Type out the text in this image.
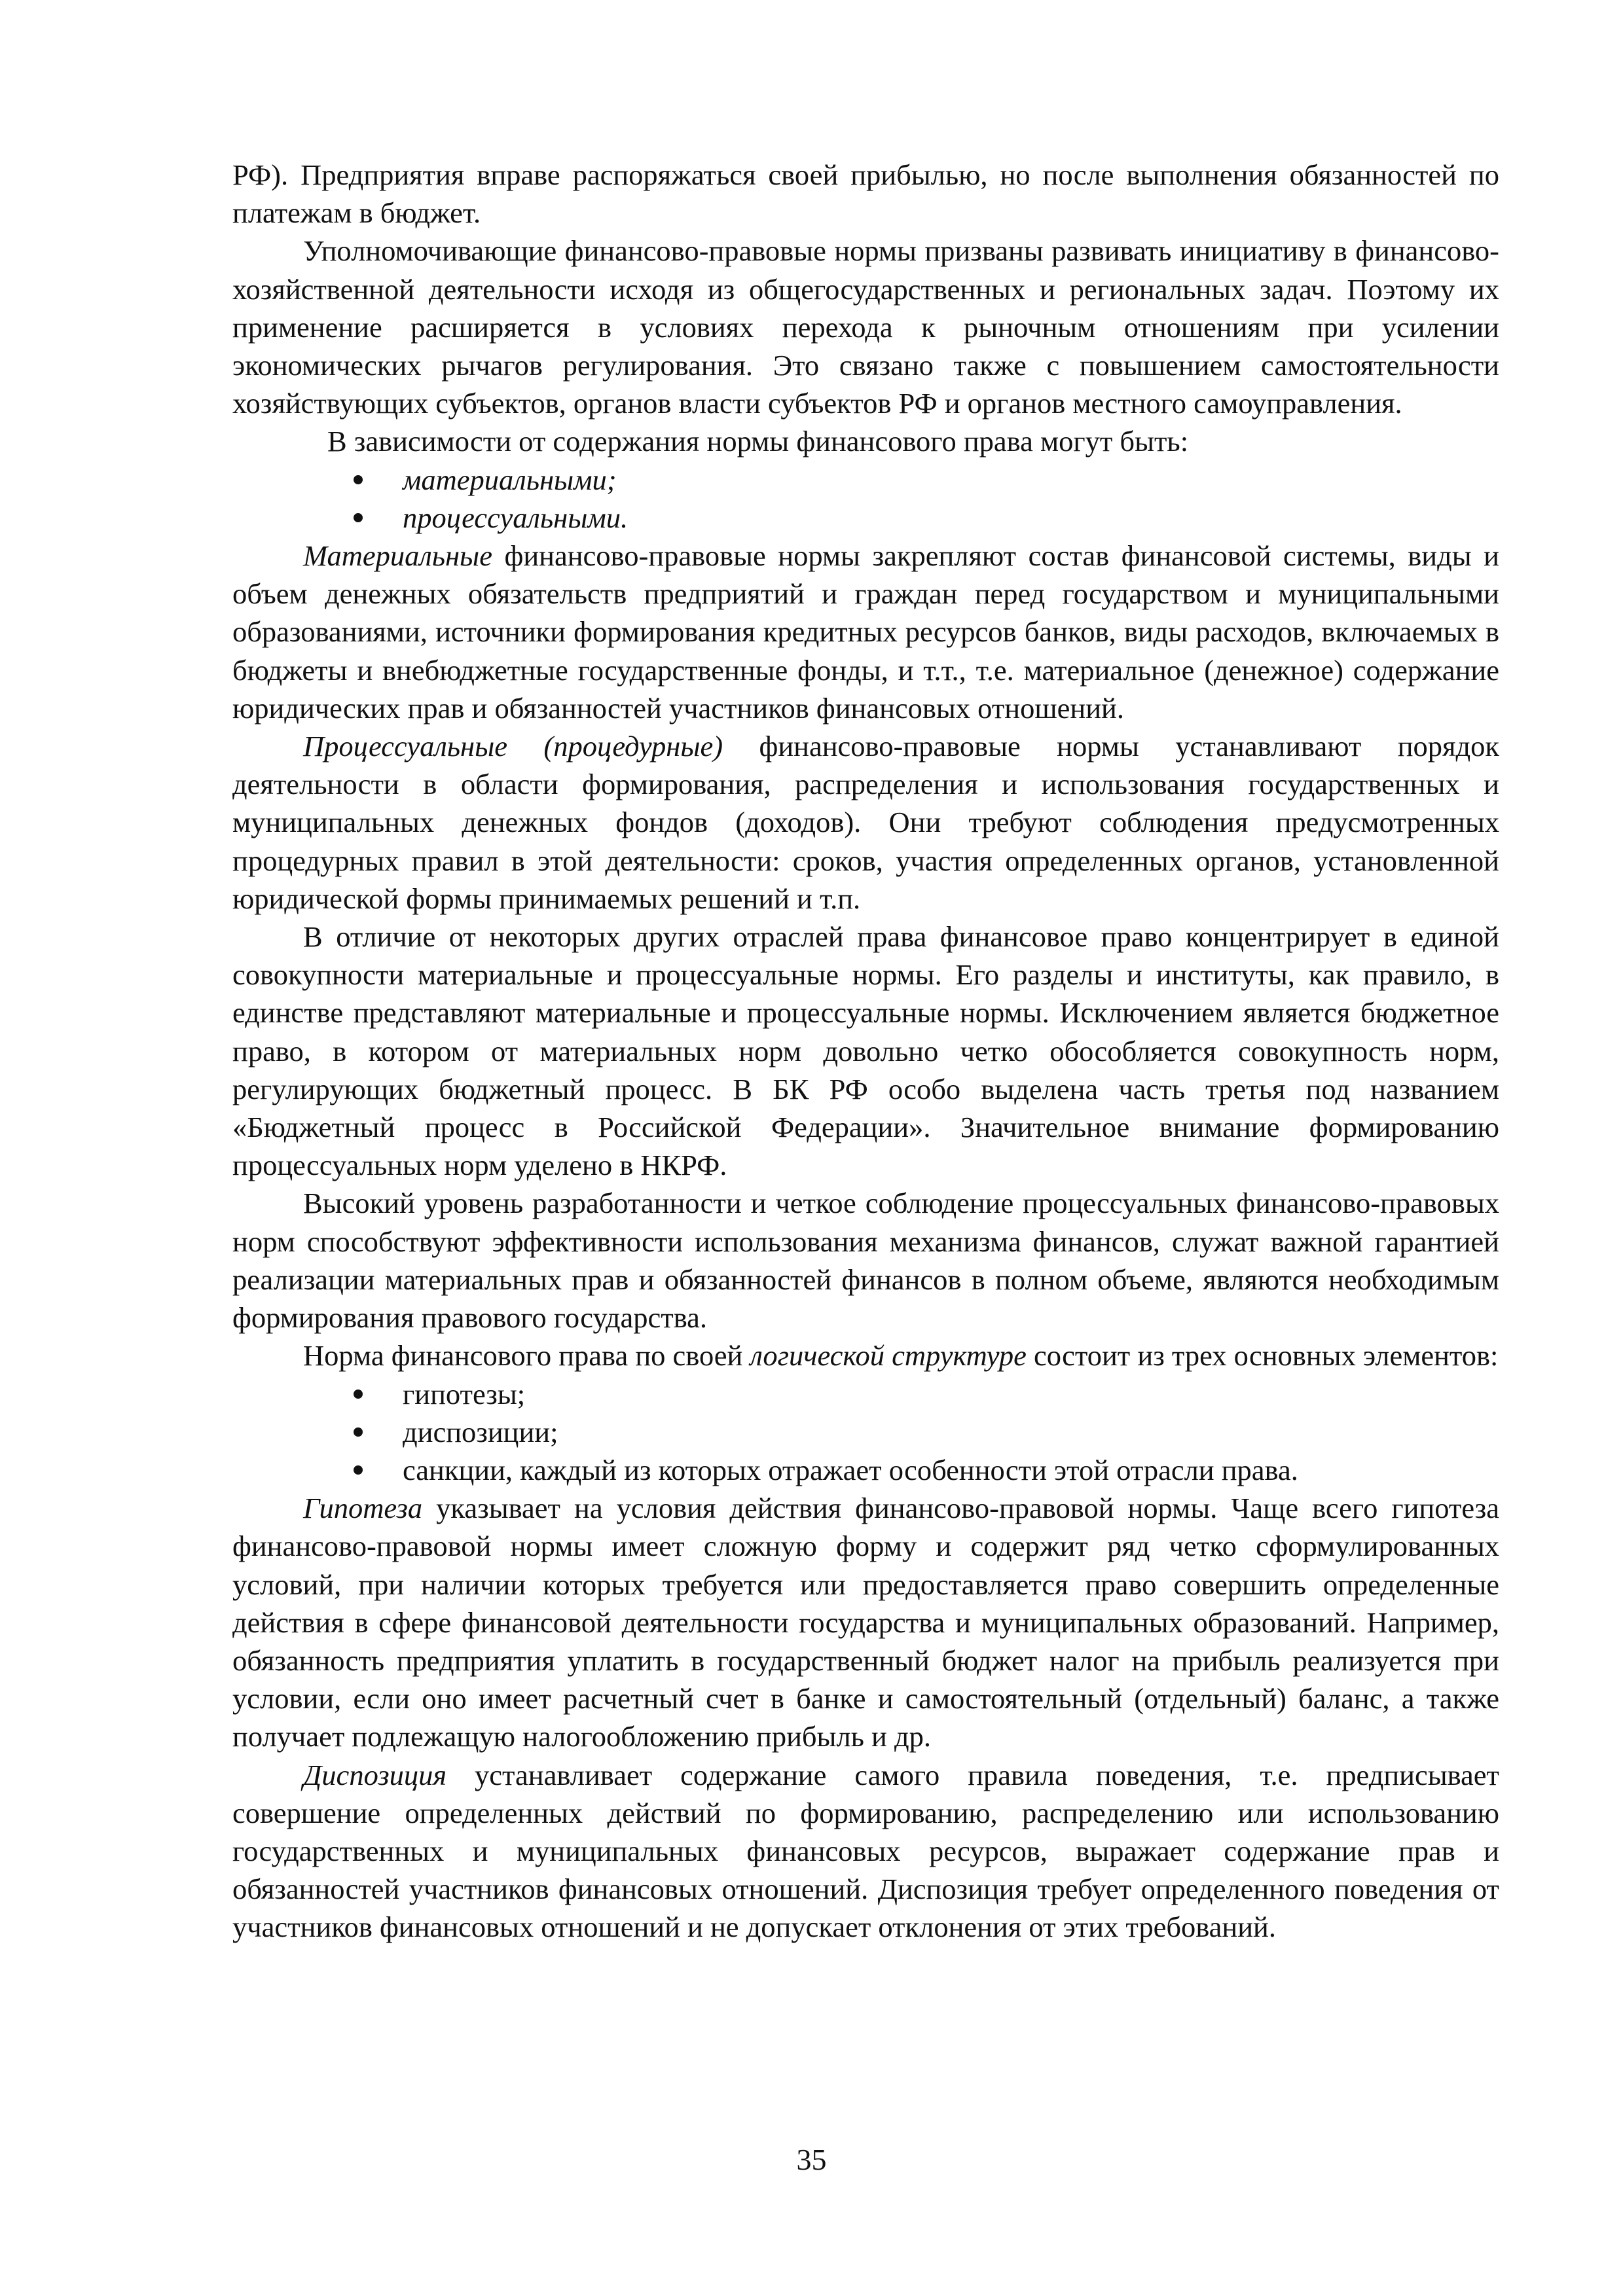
РФ). Предприятия вправе распоряжаться своей прибылью, но после выполнения обязанностей по платежам в бюджет.

Уполномочивающие финансово-правовые нормы призваны развивать инициативу в финансово-хозяйственной деятельности исходя из общегосударственных и региональных задач. Поэтому их применение расширяется в условиях перехода к рыночным отношениям при усилении экономических рычагов регулирования. Это связано также с повышением самостоятельности хозяйствующих субъектов, органов власти субъектов РФ и органов местного самоуправления.

В зависимости от содержания нормы финансового права могут быть:

материальными;
процессуальными.

Материальные финансово-правовые нормы закрепляют состав финансовой системы, виды и объем денежных обязательств предприятий и граждан перед государством и муниципальными образованиями, источники формирования кредитных ресурсов банков, виды расходов, включаемых в бюджеты и внебюджетные государственные фонды, и т.т., т.е. материальное (денежное) содержание юридических прав и обязанностей участников финансовых отношений.

Процессуальные (процедурные) финансово-правовые нормы устанавливают порядок деятельности в области формирования, распределения и использования государственных и муниципальных денежных фондов (доходов). Они требуют соблюдения предусмотренных процедурных правил в этой деятельности: сроков, участия определенных органов, установленной юридической формы принимаемых решений и т.п.

В отличие от некоторых других отраслей права финансовое право концентрирует в единой совокупности материальные и процессуальные нормы. Его разделы и институты, как правило, в единстве представляют материальные и процессуальные нормы. Исключением является бюджетное право, в котором от материальных норм довольно четко обособляется совокупность норм, регулирующих бюджетный процесс. В БК РФ особо выделена часть третья под названием «Бюджетный процесс в Российской Федерации». Значительное внимание формированию процессуальных норм уделено в НКРФ.

Высокий уровень разработанности и четкое соблюдение процессуальных финансово-правовых норм способствуют эффективности использования механизма финансов, служат важной гарантией реализации материальных прав и обязанностей финансов в полном объеме, являются необходимым формирования правового государства.

Норма финансового права по своей логической структуре состоит из трех основных элементов:

гипотезы;
диспозиции;
санкции, каждый из которых отражает особенности этой отрасли права.

Гипотеза указывает на условия действия финансово-правовой нормы. Чаще всего гипотеза финансово-правовой нормы имеет сложную форму и содержит ряд четко сформулированных условий, при наличии которых требуется или предоставляется право совершить определенные действия в сфере финансовой деятельности государства и муниципальных образований. Например, обязанность предприятия уплатить в государственный бюджет налог на прибыль реализуется при условии, если оно имеет расчетный счет в банке и самостоятельный (отдельный) баланс, а также получает подлежащую налогообложению прибыль и др.

Диспозиция устанавливает содержание самого правила поведения, т.е. предписывает совершение определенных действий по формированию, распределению или использованию государственных и муниципальных финансовых ресурсов, выражает содержание прав и обязанностей участников финансовых отношений. Диспозиция требует определенного поведения от участников финансовых отношений и не допускает отклонения от этих требований.

35
